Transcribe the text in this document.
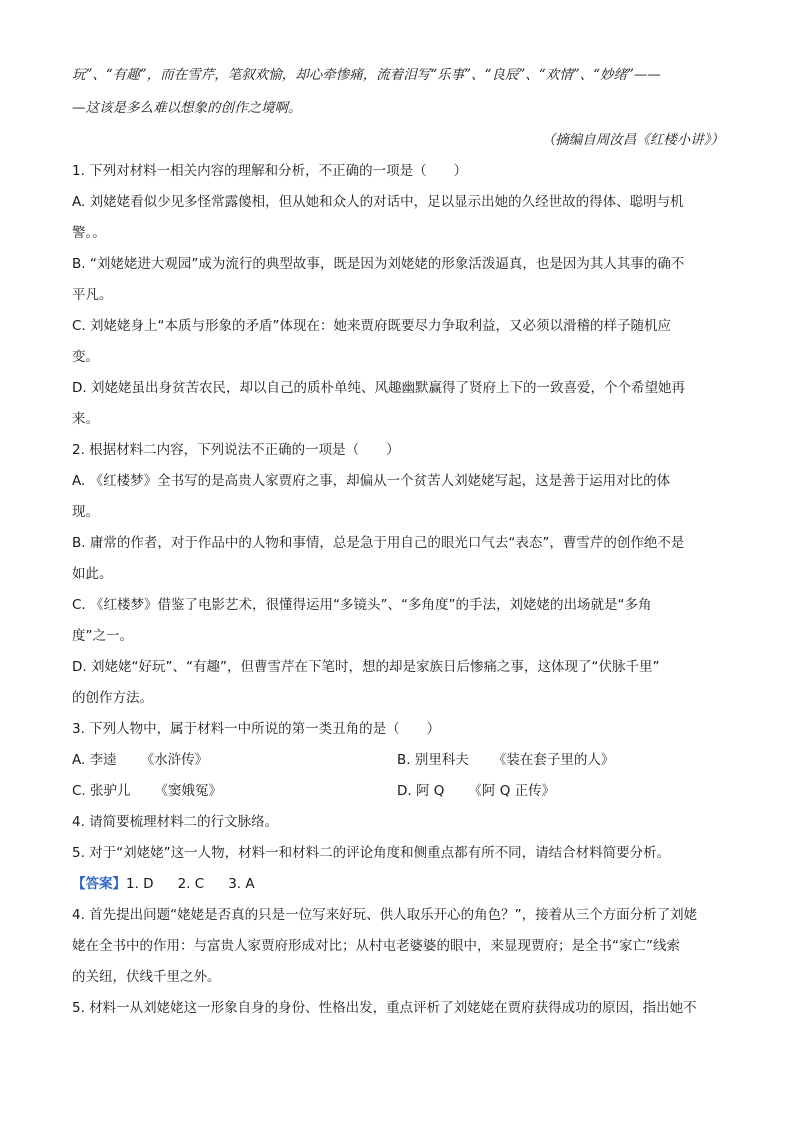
玩”、“有趣”，而在雪芹，笔叙欢愉，却心牵惨痛，流着泪写“乐事”、“良辰”、“欢情”、“妙绪”——
—这该是多么难以想象的创作之境啊。
（摘编自周汝昌《红楼小讲》）
1. 下列对材料一相关内容的理解和分析，不正确的一项是（　　）
A. 刘姥姥看似少见多怪常露傻相，但从她和众人的对话中，足以显示出她的久经世故的得体、聪明与机
警。。
B. “刘姥姥进大观园”成为流行的典型故事，既是因为刘姥姥的形象活泼逼真，也是因为其人其事的确不
平凡。
C. 刘姥姥身上“本质与形象的矛盾”体现在：她来贾府既要尽力争取利益，又必须以滑稽的样子随机应
变。
D. 刘姥姥虽出身贫苦农民，却以自己的质朴单纯、风趣幽默赢得了贤府上下的一致喜爱，个个希望她再
来。
2. 根据材料二内容，下列说法不正确的一项是（　　）
A. 《红楼梦》全书写的是高贵人家贾府之事，却偏从一个贫苦人刘姥姥写起，这是善于运用对比的体
现。
B. 庸常的作者，对于作品中的人物和事情，总是急于用自己的眼光口气去“表态”，曹雪芹的创作绝不是
如此。
C. 《红楼梦》借鉴了电影艺术，很懂得运用“多镜头”、“多角度”的手法，刘姥姥的出场就是“多角
度”之一。
D. 刘姥姥“好玩”、“有趣”，但曹雪芹在下笔时，想的却是家族日后惨痛之事，这体现了“伏脉千里”
的创作方法。
3. 下列人物中，属于材料一中所说的第一类丑角的是（　　）
A. 李逵 《水浒传》	B. 别里科夫 《装在套子里的人》
C. 张驴儿 《窦娥冤》	D. 阿 Q 《阿 Q 正传》
4. 请简要梳理材料二的行文脉络。
5. 对于“刘姥姥”这一人物，材料一和材料二的评论角度和侧重点都有所不同，请结合材料简要分析。
【答案】1. D 2. C 3. A
4. 首先提出问题“姥姥是否真的只是一位写来好玩、供人取乐开心的角色？”，接着从三个方面分析了刘姥
姥在全书中的作用：与富贵人家贾府形成对比；从村屯老婆婆的眼中，来显现贾府；是全书“家亡”线索
的关纽，伏线千里之外。
5. 材料一从刘姥姥这一形象自身的身份、性格出发，重点评析了刘姥姥在贾府获得成功的原因，指出她不
